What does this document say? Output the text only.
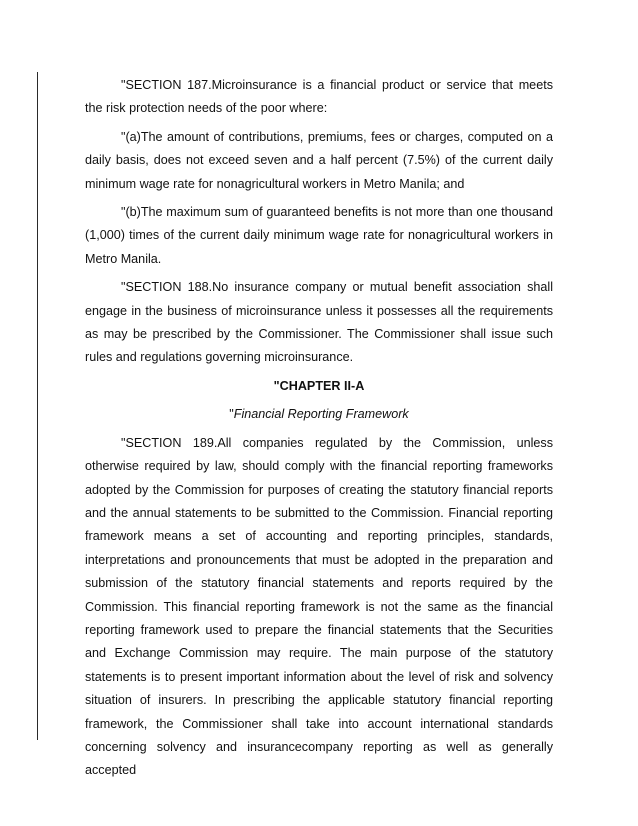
"SECTION 187.Microinsurance is a financial product or service that meets the risk protection needs of the poor where:

"(a)The amount of contributions, premiums, fees or charges, computed on a daily basis, does not exceed seven and a half percent (7.5%) of the current daily minimum wage rate for nonagricultural workers in Metro Manila; and

"(b)The maximum sum of guaranteed benefits is not more than one thousand (1,000) times of the current daily minimum wage rate for nonagricultural workers in Metro Manila.

"SECTION 188.No insurance company or mutual benefit association shall engage in the business of microinsurance unless it possesses all the requirements as may be prescribed by the Commissioner. The Commissioner shall issue such rules and regulations governing microinsurance.

"CHAPTER II-A

"Financial Reporting Framework

"SECTION 189.All companies regulated by the Commission, unless otherwise required by law, should comply with the financial reporting frameworks adopted by the Commission for purposes of creating the statutory financial reports and the annual statements to be submitted to the Commission. Financial reporting framework means a set of accounting and reporting principles, standards, interpretations and pronouncements that must be adopted in the preparation and submission of the statutory financial statements and reports required by the Commission. This financial reporting framework is not the same as the financial reporting framework used to prepare the financial statements that the Securities and Exchange Commission may require. The main purpose of the statutory statements is to present important information about the level of risk and solvency situation of insurers. In prescribing the applicable statutory financial reporting framework, the Commissioner shall take into account international standards concerning solvency and insurancecompany reporting as well as generally accepted
